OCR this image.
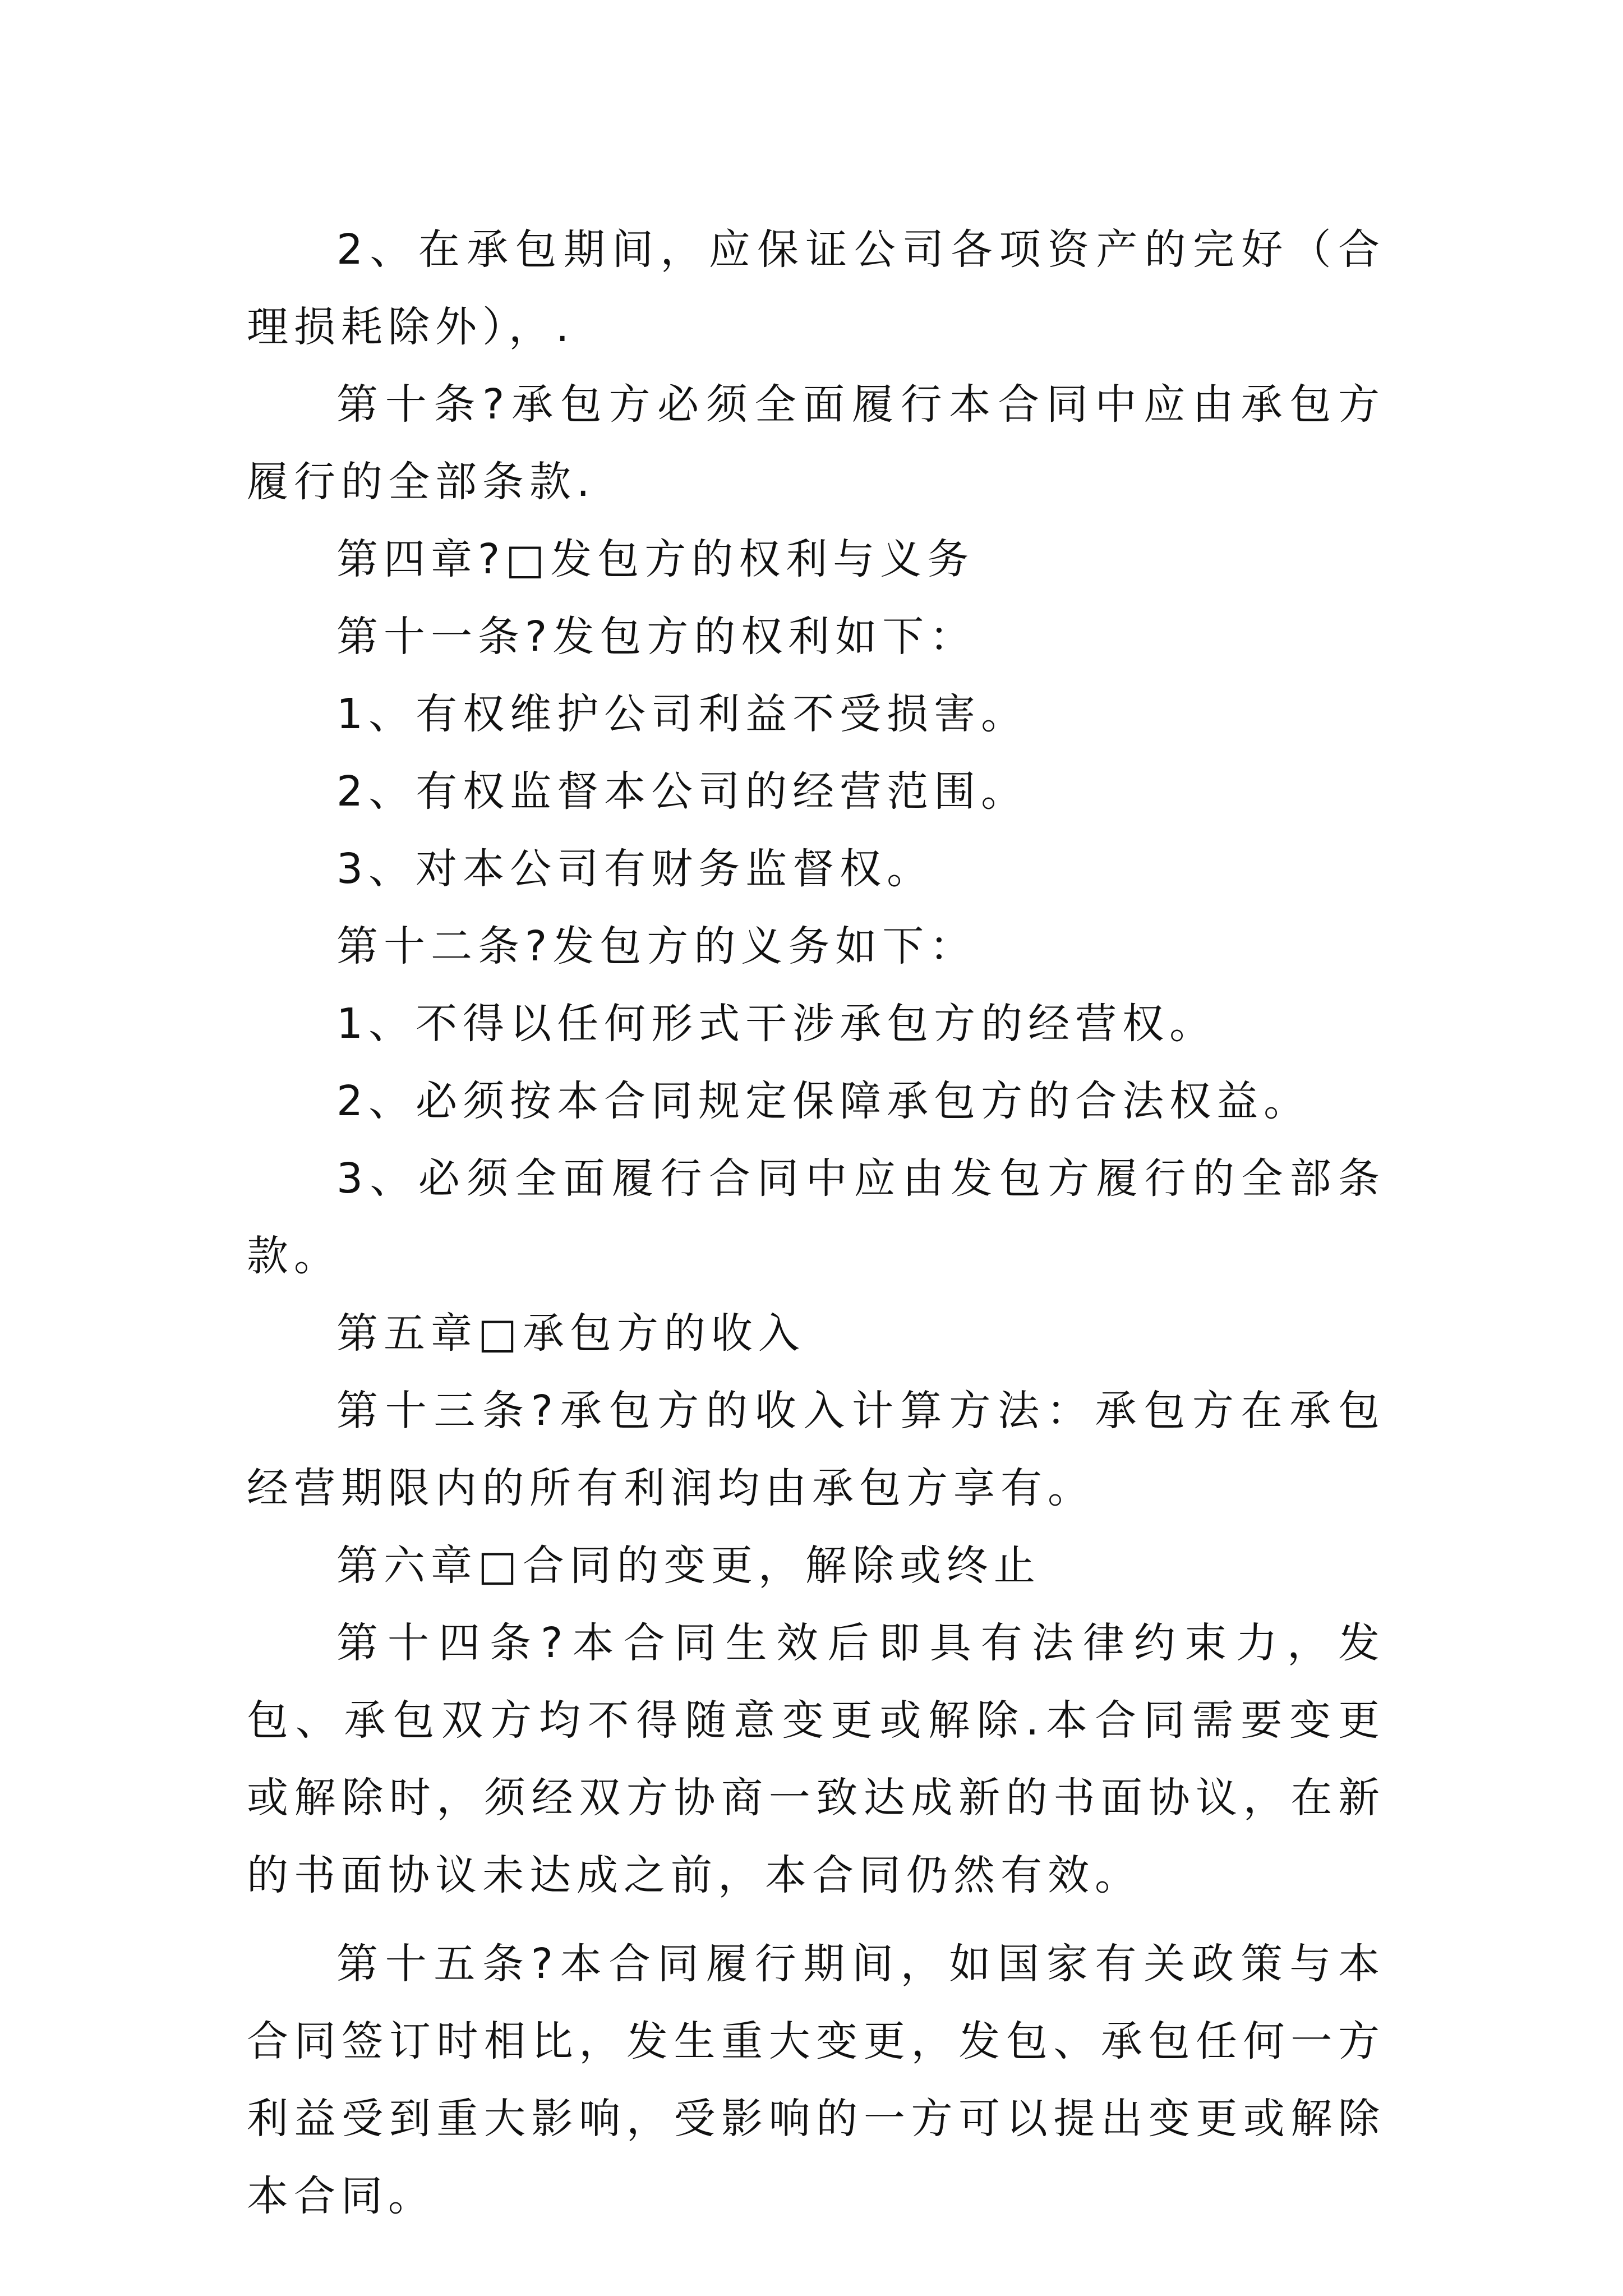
2、在承包期间，应保证公司各项资产的完好（合理损耗除外），.

第十条?承包方必须全面履行本合同中应由承包方履行的全部条款.

第四章?□发包方的权利与义务

第十一条?发包方的权利如下：

1、有权维护公司利益不受损害。

2、有权监督本公司的经营范围。

3、对本公司有财务监督权。

第十二条?发包方的义务如下：

1、不得以任何形式干涉承包方的经营权。

2、必须按本合同规定保障承包方的合法权益。

3、必须全面履行合同中应由发包方履行的全部条款。

第五章□承包方的收入

第十三条?承包方的收入计算方法：承包方在承包经营期限内的所有利润均由承包方享有。

第六章□合同的变更，解除或终止

第十四条?本合同生效后即具有法律约束力，发包、承包双方均不得随意变更或解除.本合同需要变更或解除时，须经双方协商一致达成新的书面协议，在新的书面协议未达成之前，本合同仍然有效。

第十五条?本合同履行期间，如国家有关政策与本合同签订时相比，发生重大变更，发包、承包任何一方利益受到重大影响，受影响的一方可以提出变更或解除本合同。
